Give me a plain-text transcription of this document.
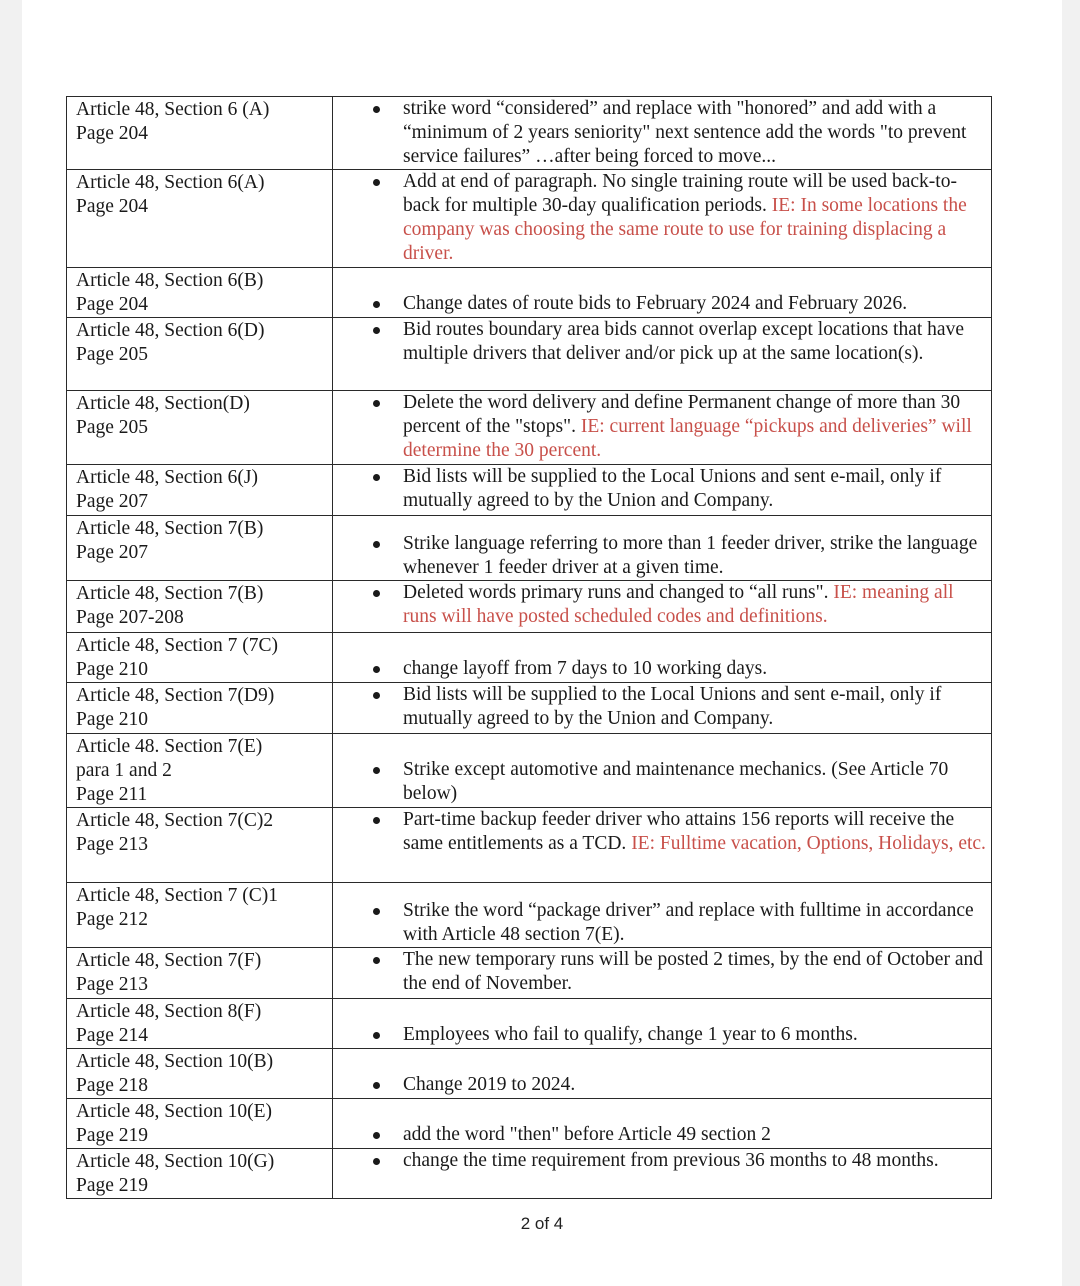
Article 48, Section 6 (A)
Page 204	strike word “considered” and replace with "honored” and add with a “minimum of 2 years seniority" next sentence add the words "to prevent service failures” …after being forced to move...

Article 48, Section 6(A)
Page 204	Add at end of paragraph. No single training route will be used back-to-back for multiple 30-day qualification periods. IE: In some locations the company was choosing the same route to use for training displacing a driver.

Article 48, Section 6(B)
Page 204	Change dates of route bids to February 2024 and February 2026.

Article 48, Section 6(D)
Page 205	Bid routes boundary area bids cannot overlap except locations that have multiple drivers that deliver and/or pick up at the same location(s).

Article 48, Section(D)
Page 205	Delete the word delivery and define Permanent change of more than 30 percent of the "stops". IE: current language “pickups and deliveries” will determine the 30 percent.

Article 48, Section 6(J)
Page 207	Bid lists will be supplied to the Local Unions and sent e-mail, only if mutually agreed to by the Union and Company.

Article 48, Section 7(B)
Page 207	Strike language referring to more than 1 feeder driver, strike the language whenever 1 feeder driver at a given time.

Article 48, Section 7(B)
Page 207-208	Deleted words primary runs and changed to “all runs". IE: meaning all runs will have posted scheduled codes and definitions.

Article 48, Section 7 (7C)
Page 210	change layoff from 7 days to 10 working days.

Article 48, Section 7(D9)
Page 210	Bid lists will be supplied to the Local Unions and sent e-mail, only if mutually agreed to by the Union and Company.

Article 48. Section 7(E)
para 1 and 2
Page 211	Strike except automotive and maintenance mechanics. (See Article 70 below)

Article 48, Section 7(C)2
Page 213	Part-time backup feeder driver who attains 156 reports will receive the same entitlements as a TCD. IE: Fulltime vacation, Options, Holidays, etc.

Article 48, Section 7 (C)1
Page 212	Strike the word “package driver” and replace with fulltime in accordance with Article 48 section 7(E).

Article 48, Section 7(F)
Page 213	The new temporary runs will be posted 2 times, by the end of October and the end of November.

Article 48, Section 8(F)
Page 214	Employees who fail to qualify, change 1 year to 6 months.

Article 48, Section 10(B)
Page 218	Change 2019 to 2024.

Article 48, Section 10(E)
Page 219	add the word "then" before Article 49 section 2

Article 48, Section 10(G)
Page 219	change the time requirement from previous 36 months to 48 months.
2 of 4
